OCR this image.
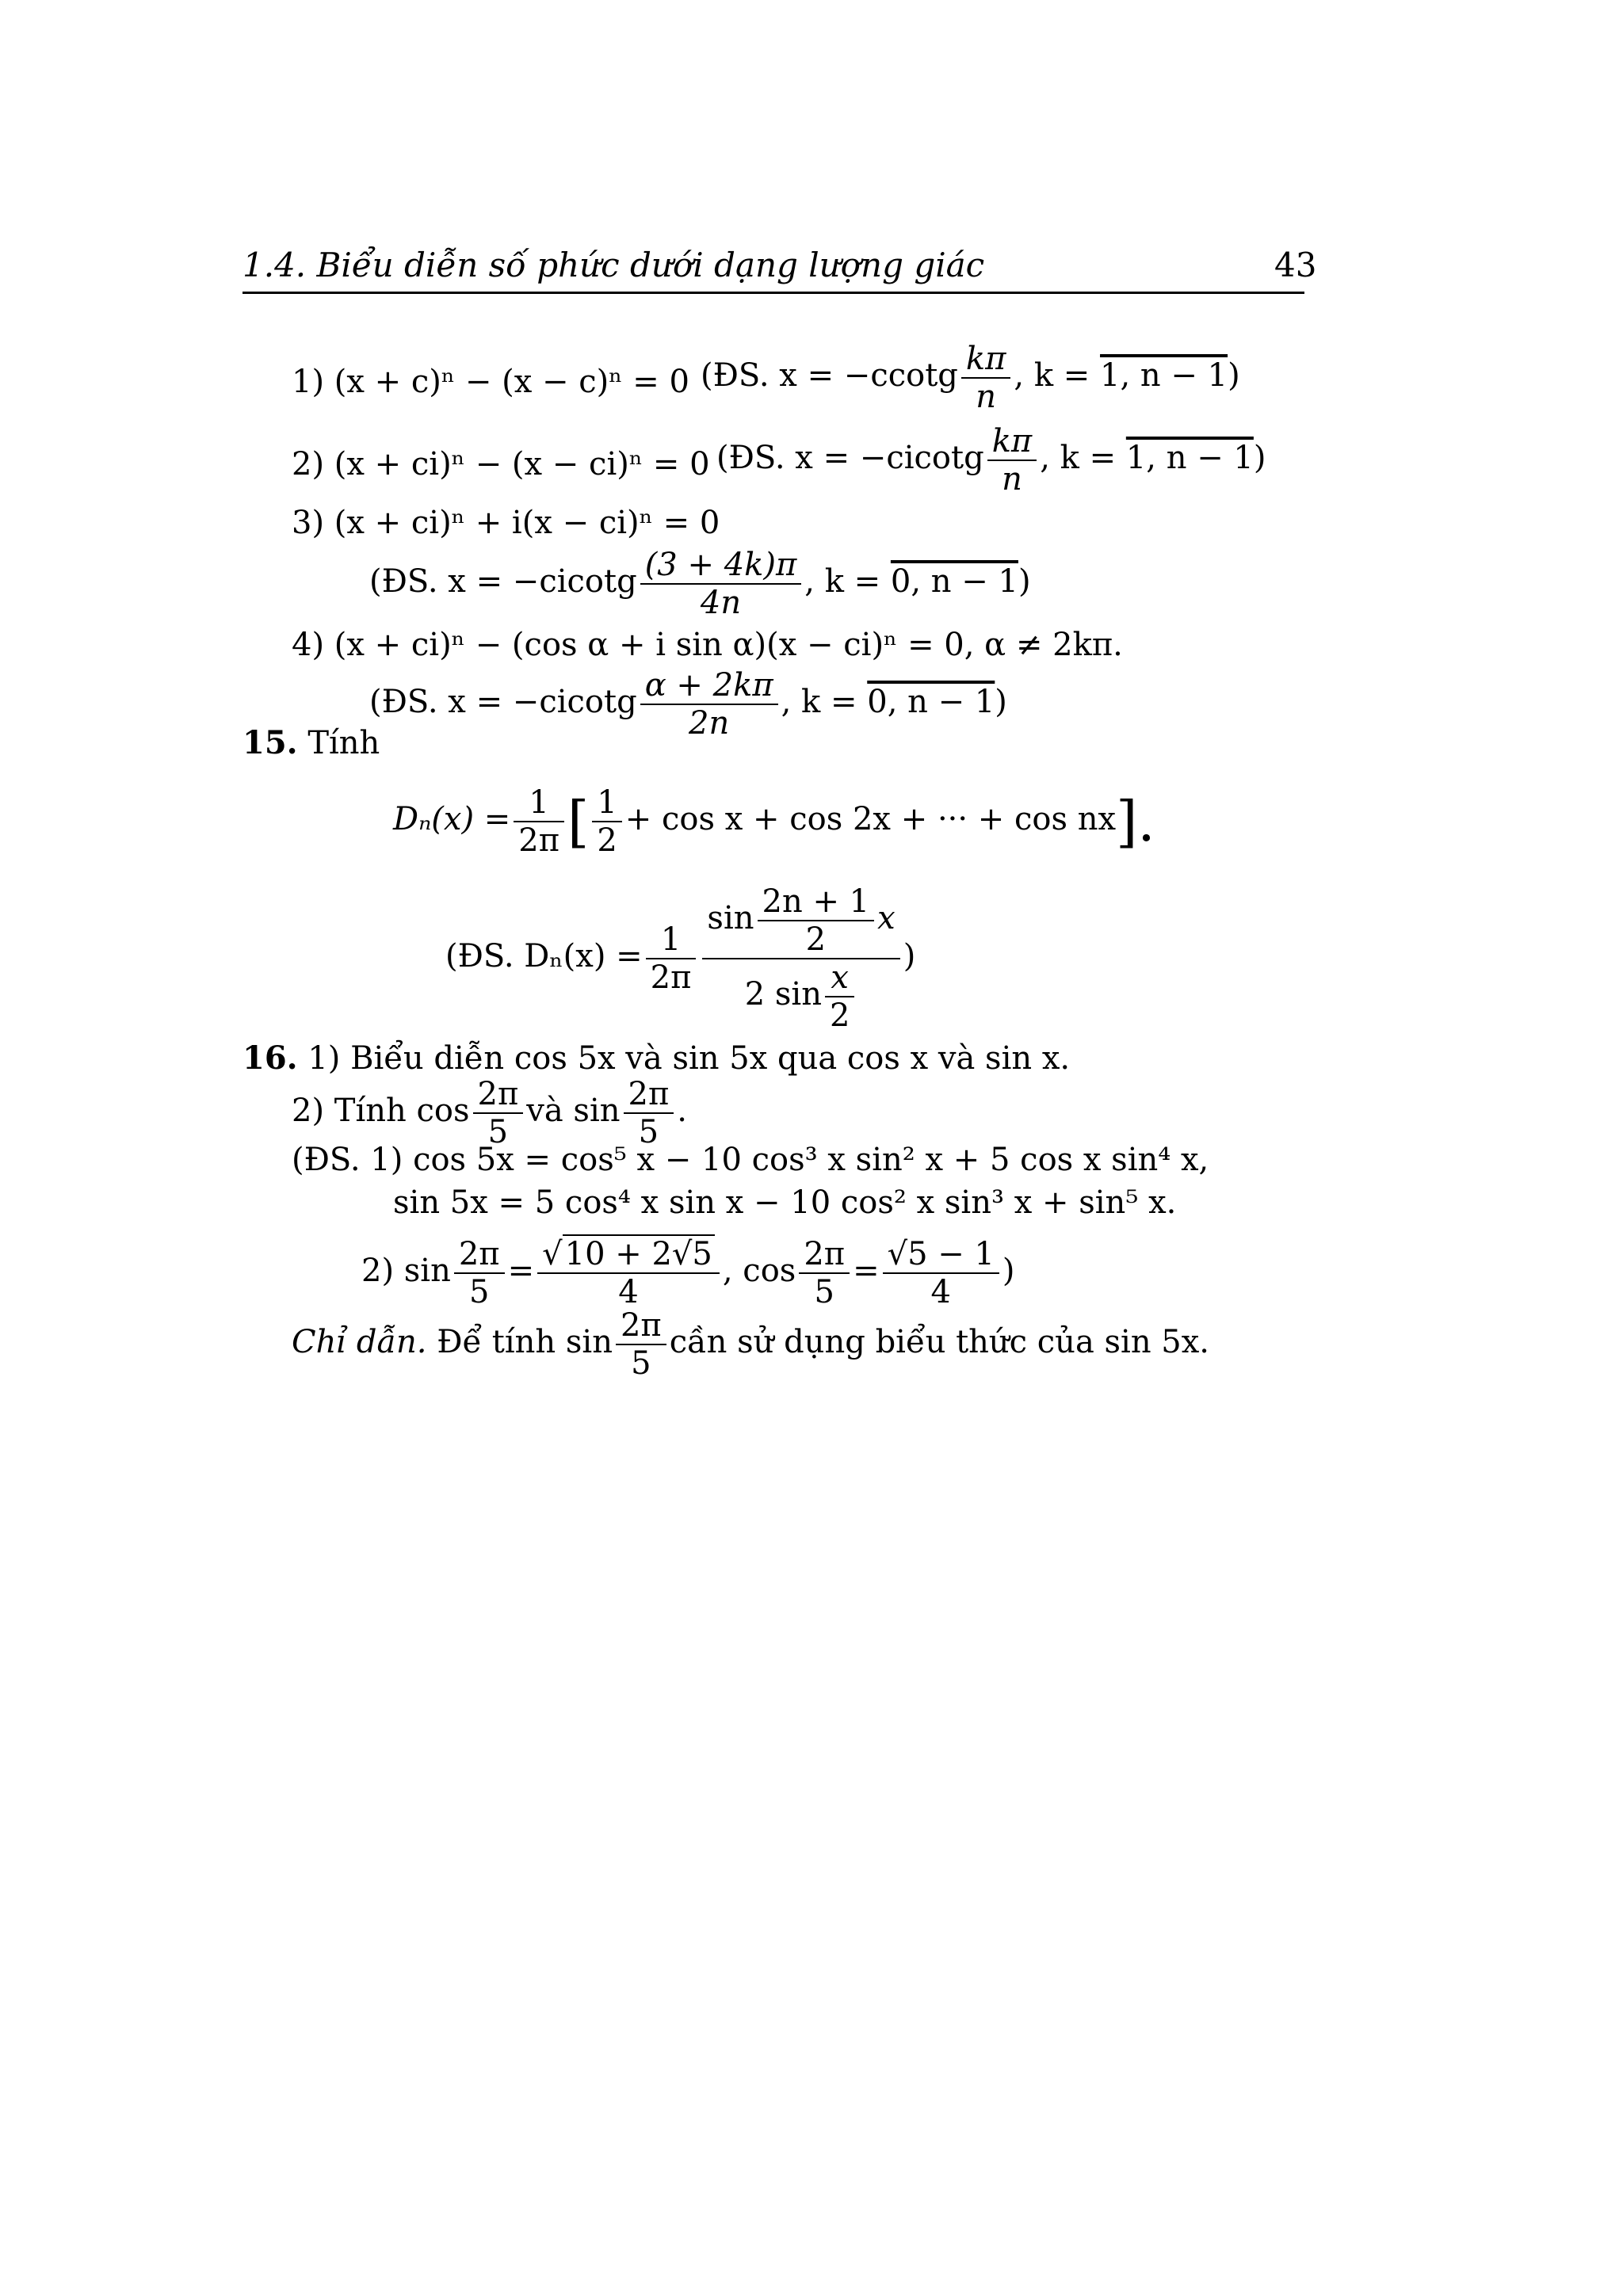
1.4. Biểu diễn số phức dưới dạng lượng giác	43
1) (x + c)ⁿ − (x − c)ⁿ = 0 (ĐS. $x = -ccotg \frac{k\pi}{n}$ , k = 1, n − 1)
2) (x + ci)ⁿ − (x − ci)ⁿ = 0 (ĐS. $x = -cicotg \frac{k\pi}{n}$ , k = 1, n − 1)
3) (x + ci)ⁿ + i(x − ci)ⁿ = 0
(ĐS. $x = -cicotg \frac{(3 + 4k)\pi}{4n}$ , k = 0, n − 1)
4) (x + ci)ⁿ − (cos α + i sin α)(x − ci)ⁿ = 0, α ≠ 2kπ.
(ĐS. $x = -cicotg \frac{\alpha + 2k\pi}{2n}$ , k = 0, n − 1)
15. Tính
$D_n(x) = \frac{1}{2\pi}$ [ $\frac{1}{2} + \cos x + \cos 2x$ + ··· + cos nx].
(ĐS. $D_n(x) = \frac{1}{2\pi} \frac{\sin \frac{2n + 1}{2} x}{2 \sin \frac{x}{2}}$ )
16. 1) Biểu diễn cos 5x và sin 5x qua cos x và sin x.
2) Tính $\cos \frac{2\pi}{5}$ và $\sin \frac{2\pi}{5}$ .
(ĐS. 1) cos 5x = cos⁵ x − 10 cos³ x sin² x + 5 cos x sin⁴ x,
sin 5x = 5 cos⁴ x sin x − 10 cos² x sin³ x + sin⁵ x.
2) $\sin \frac{2\pi}{5} = \frac{√10 + 2√5}{4}$ , $\cos \frac{2\pi}{5} = \frac{√5 - 1}{4}$ )
Chỉ dẫn. Để tính $\sin \frac{2\pi}{5}$ cần sử dụng biểu thức của sin 5x.
